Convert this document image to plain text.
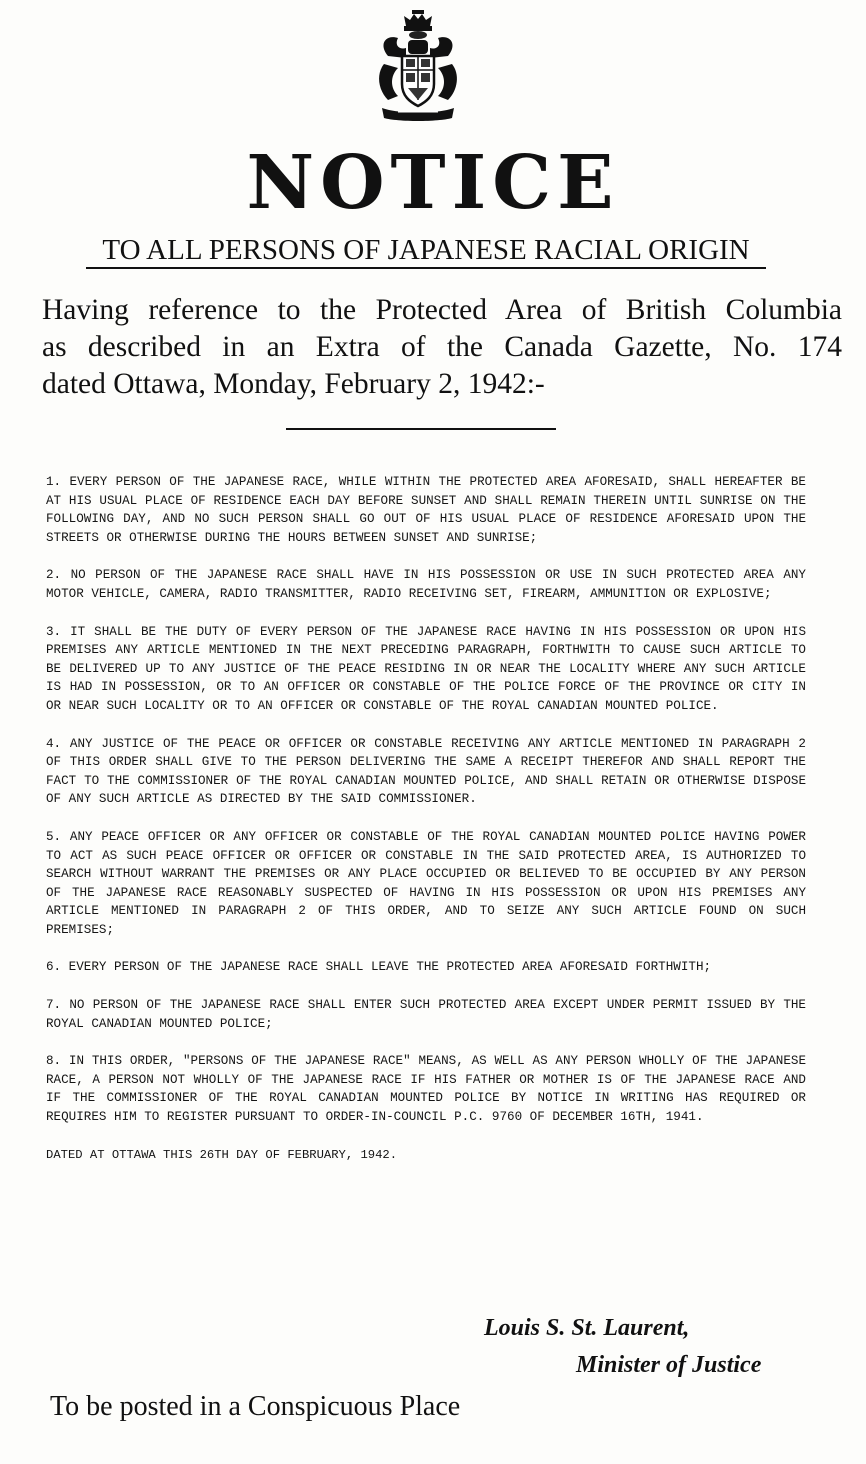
NOTICE
TO ALL PERSONS OF JAPANESE RACIAL ORIGIN
Having reference to the Protected Area of British Columbia
as described in an Extra of the Canada Gazette, No. 174
dated Ottawa, Monday, February 2, 1942:-

1. EVERY PERSON OF THE JAPANESE RACE, WHILE WITHIN THE PROTECTED AREA AFORESAID, SHALL HEREAFTER BE AT HIS USUAL PLACE OF RESIDENCE EACH DAY BEFORE SUNSET AND SHALL REMAIN THEREIN UNTIL SUNRISE ON THE FOLLOWING DAY, AND NO SUCH PERSON SHALL GO OUT OF HIS USUAL PLACE OF RESIDENCE AFORESAID UPON THE STREETS OR OTHERWISE DURING THE HOURS BETWEEN SUNSET AND SUNRISE;

2. NO PERSON OF THE JAPANESE RACE SHALL HAVE IN HIS POSSESSION OR USE IN SUCH PROTECTED AREA ANY MOTOR VEHICLE, CAMERA, RADIO TRANSMITTER, RADIO RECEIVING SET, FIREARM, AMMUNITION OR EXPLOSIVE;

3. IT SHALL BE THE DUTY OF EVERY PERSON OF THE JAPANESE RACE HAVING IN HIS POSSESSION OR UPON HIS PREMISES ANY ARTICLE MENTIONED IN THE NEXT PRECEDING PARAGRAPH, FORTHWITH TO CAUSE SUCH ARTICLE TO BE DELIVERED UP TO ANY JUSTICE OF THE PEACE RESIDING IN OR NEAR THE LOCALITY WHERE ANY SUCH ARTICLE IS HAD IN POSSESSION, OR TO AN OFFICER OR CONSTABLE OF THE POLICE FORCE OF THE PROVINCE OR CITY IN OR NEAR SUCH LOCALITY OR TO AN OFFICER OR CONSTABLE OF THE ROYAL CANADIAN MOUNTED POLICE.

4. ANY JUSTICE OF THE PEACE OR OFFICER OR CONSTABLE RECEIVING ANY ARTICLE MENTIONED IN PARAGRAPH 2 OF THIS ORDER SHALL GIVE TO THE PERSON DELIVERING THE SAME A RECEIPT THEREFOR AND SHALL REPORT THE FACT TO THE COMMISSIONER OF THE ROYAL CANADIAN MOUNTED POLICE, AND SHALL RETAIN OR OTHERWISE DISPOSE OF ANY SUCH ARTICLE AS DIRECTED BY THE SAID COMMISSIONER.

5. ANY PEACE OFFICER OR ANY OFFICER OR CONSTABLE OF THE ROYAL CANADIAN MOUNTED POLICE HAVING POWER TO ACT AS SUCH PEACE OFFICER OR OFFICER OR CONSTABLE IN THE SAID PROTECTED AREA, IS AUTHORIZED TO SEARCH WITHOUT WARRANT THE PREMISES OR ANY PLACE OCCUPIED OR BELIEVED TO BE OCCUPIED BY ANY PERSON OF THE JAPANESE RACE REASONABLY SUSPECTED OF HAVING IN HIS POSSESSION OR UPON HIS PREMISES ANY ARTICLE MENTIONED IN PARAGRAPH 2 OF THIS ORDER, AND TO SEIZE ANY SUCH ARTICLE FOUND ON SUCH PREMISES;

6. EVERY PERSON OF THE JAPANESE RACE SHALL LEAVE THE PROTECTED AREA AFORESAID FORTHWITH;

7. NO PERSON OF THE JAPANESE RACE SHALL ENTER SUCH PROTECTED AREA EXCEPT UNDER PERMIT ISSUED BY THE ROYAL CANADIAN MOUNTED POLICE;

8. IN THIS ORDER, "PERSONS OF THE JAPANESE RACE" MEANS, AS WELL AS ANY PERSON WHOLLY OF THE JAPANESE RACE, A PERSON NOT WHOLLY OF THE JAPANESE RACE IF HIS FATHER OR MOTHER IS OF THE JAPANESE RACE AND IF THE COMMISSIONER OF THE ROYAL CANADIAN MOUNTED POLICE BY NOTICE IN WRITING HAS REQUIRED OR REQUIRES HIM TO REGISTER PURSUANT TO ORDER-IN-COUNCIL P.C. 9760 OF DECEMBER 16TH, 1941.

DATED AT OTTAWA THIS 26TH DAY OF FEBRUARY, 1942.

Louis S. St. Laurent,
Minister of Justice
To be posted in a Conspicuous Place
